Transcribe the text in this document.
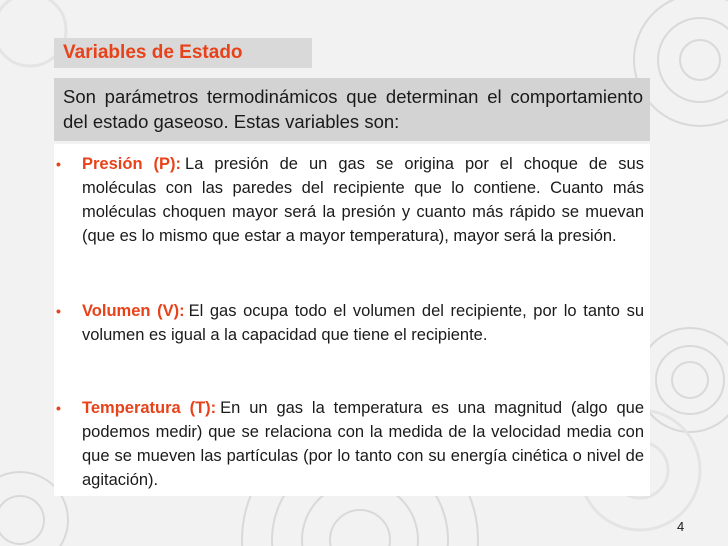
Variables de Estado
Son parámetros termodinámicos que determinan el comportamiento del estado gaseoso. Estas variables son:
• Presión (P): La presión de un gas se origina por el choque de sus moléculas con las paredes del recipiente que lo contiene. Cuanto más moléculas choquen mayor será la presión y cuanto más rápido se muevan (que es lo mismo que estar a mayor temperatura), mayor será la presión.
• Volumen (V): El gas ocupa todo el volumen del recipiente, por lo tanto su volumen es igual a la capacidad que tiene el recipiente.
• Temperatura (T): En un gas la temperatura es una magnitud (algo que podemos medir) que se relaciona con la medida de la velocidad media con que se mueven las partículas (por lo tanto con su energía cinética o nivel de agitación).
4
